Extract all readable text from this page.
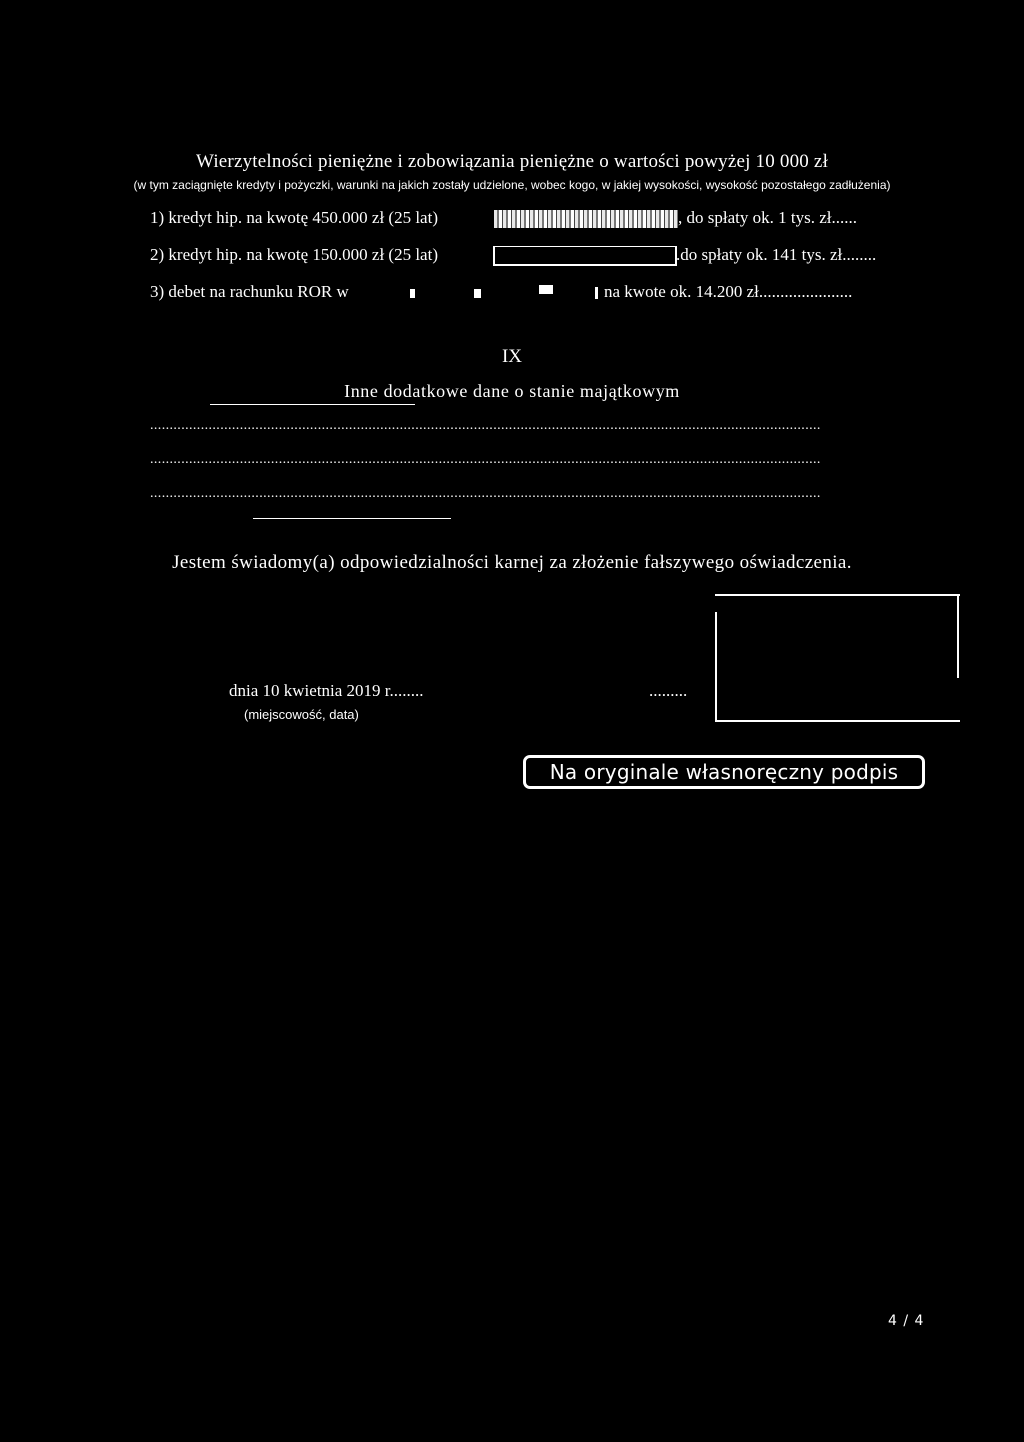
Wierzytelności pieniężne i zobowiązania pieniężne o wartości powyżej 10 000 zł
(w tym zaciągnięte kredyty i pożyczki, warunki na jakich zostały udzielone, wobec kogo, w jakiej wysokości, wysokość pozostałego zadłużenia)
1) kredyt hip. na kwotę 450.000 zł (25 lat)	, do spłaty ok. 1 tys. zł......
2) kredyt hip. na kwotę 150.000 zł (25 lat)	.do spłaty ok. 141 tys. zł........
3) debet na rachunku ROR w	na kwote ok. 14.200 zł......................
IX
Inne dodatkowe dane o stanie majątkowym
............................................................................................................................................................................
............................................................................................................................................................................
............................................................................................................................................................................
Jestem świadomy(a) odpowiedzialności karnej za złożenie fałszywego oświadczenia.
dnia 10 kwietnia 2019 r........	.........
(miejscowość, data)
Na oryginale własnoręczny podpis
4 / 4
